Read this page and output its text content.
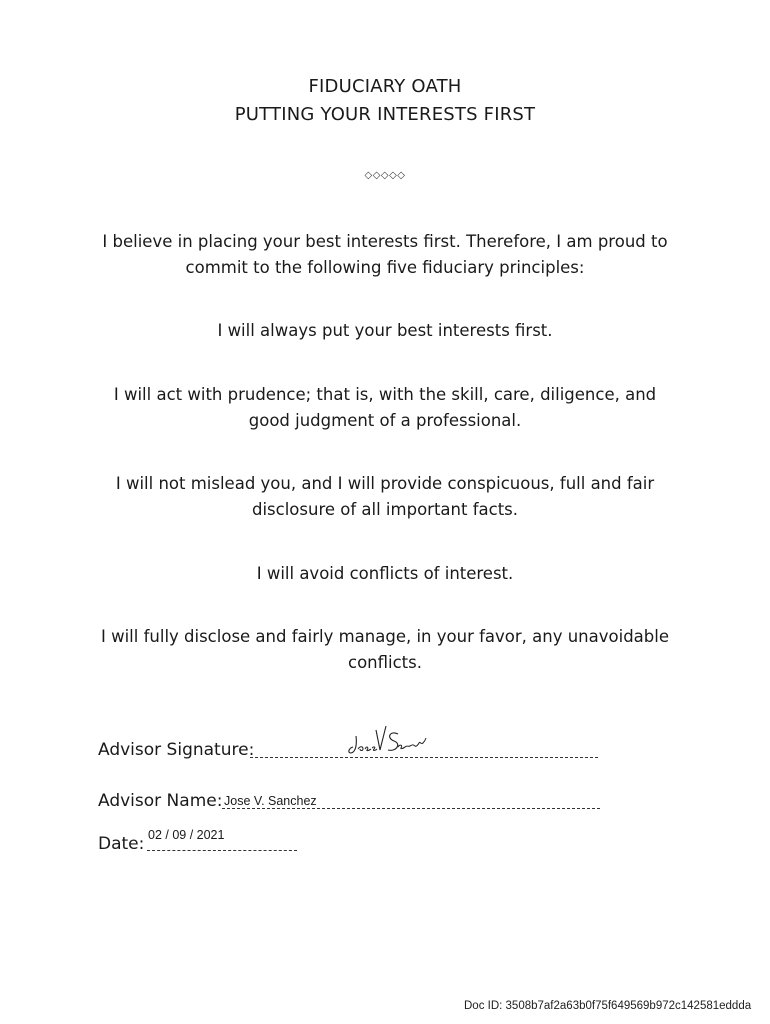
FIDUCIARY OATH
PUTTING YOUR INTERESTS FIRST
◇◇◇◇◇
I believe in placing your best interests first. Therefore, I am proud to commit to the following five fiduciary principles:
I will always put your best interests first.
I will act with prudence; that is, with the skill, care, diligence, and good judgment of a professional.
I will not mislead you, and I will provide conspicuous, full and fair disclosure of all important facts.
I will avoid conflicts of interest.
I will fully disclose and fairly manage, in your favor, any unavoidable conflicts.
Advisor Signature:
Advisor Name: Jose V. Sanchez
Date: 02 / 09 / 2021
Doc ID: 3508b7af2a63b0f75f649569b972c142581eddda
